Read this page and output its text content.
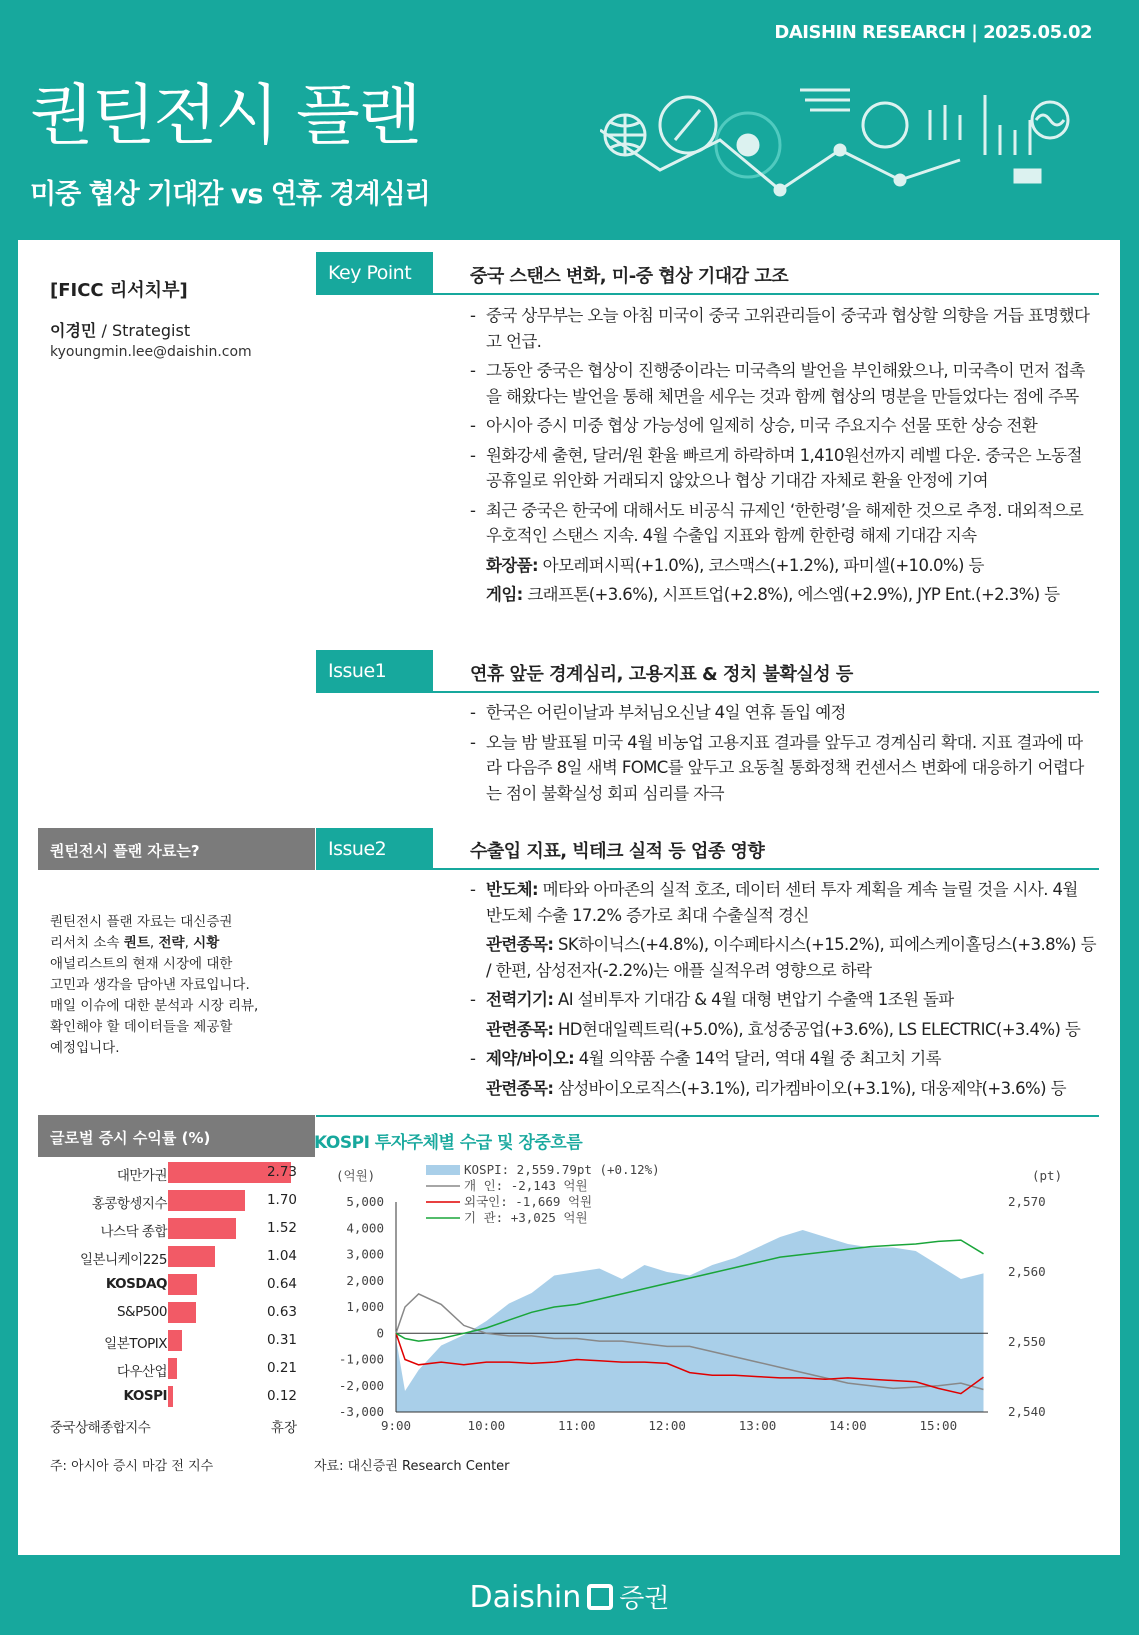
DAISHIN RESEARCH | 2025.05.02
퀀틴전시 플랜
미중 협상 기대감 vs 연휴 경계심리
[FICC 리서치부]
이경민 / Strategist
kyoungmin.lee@daishin.com
퀀틴전시 플랜 자료는?
퀀틴전시 플랜 자료는 대신증권
리서치 소속 퀀트, 전략, 시황
애널리스트의 현재 시장에 대한
고민과 생각을 담아낸 자료입니다.
매일 이슈에 대한 분석과 시장 리뷰,
확인해야 할 데이터들을 제공할
예정입니다.
Key Point	중국 스탠스 변화, 미-중 협상 기대감 고조
- 중국 상무부는 오늘 아침 미국이 중국 고위관리들이 중국과 협상할 의향을 거듭 표명했다고 언급.
- 그동안 중국은 협상이 진행중이라는 미국측의 발언을 부인해왔으나, 미국측이 먼저 접촉을 해왔다는 발언을 통해 체면을 세우는 것과 함께 협상의 명분을 만들었다는 점에 주목
- 아시아 증시 미중 협상 가능성에 일제히 상승, 미국 주요지수 선물 또한 상승 전환
- 원화강세 출현, 달러/원 환율 빠르게 하락하며 1,410원선까지 레벨 다운. 중국은 노동절 공휴일로 위안화 거래되지 않았으나 협상 기대감 자체로 환율 안정에 기여
- 최근 중국은 한국에 대해서도 비공식 규제인 ‘한한령’을 해제한 것으로 추정. 대외적으로 우호적인 스탠스 지속. 4월 수출입 지표와 함께 한한령 해제 기대감 지속
화장품: 아모레퍼시픽(+1.0%), 코스맥스(+1.2%), 파미셀(+10.0%) 등
게임: 크래프톤(+3.6%), 시프트업(+2.8%), 에스엠(+2.9%), JYP Ent.(+2.3%) 등
Issue1	연휴 앞둔 경계심리, 고용지표 & 정치 불확실성 등
- 한국은 어린이날과 부처님오신날 4일 연휴 돌입 예정
- 오늘 밤 발표될 미국 4월 비농업 고용지표 결과를 앞두고 경계심리 확대. 지표 결과에 따라 다음주 8일 새벽 FOMC를 앞두고 요동칠 통화정책 컨센서스 변화에 대응하기 어렵다는 점이 불확실성 회피 심리를 자극
Issue2	수출입 지표, 빅테크 실적 등 업종 영향
- 반도체: 메타와 아마존의 실적 호조, 데이터 센터 투자 계획을 계속 늘릴 것을 시사. 4월 반도체 수출 17.2% 증가로 최대 수출실적 경신
관련종목: SK하이닉스(+4.8%), 이수페타시스(+15.2%), 피에스케이홀딩스(+3.8%) 등 / 한편, 삼성전자(-2.2%)는 애플 실적우려 영향으로 하락
- 전력기기: AI 설비투자 기대감 & 4월 대형 변압기 수출액 1조원 돌파
관련종목: HD현대일렉트릭(+5.0%), 효성중공업(+3.6%), LS ELECTRIC(+3.4%) 등
- 제약/바이오: 4월 의약품 수출 14억 달러, 역대 4월 중 최고치 기록
관련종목: 삼성바이오로직스(+3.1%), 리가켐바이오(+3.1%), 대웅제약(+3.6%) 등
글로벌 증시 수익률 (%)
대만가권	2.73
홍콩항셍지수	1.70
나스닥 종합	1.52
일본니케이225	1.04
KOSDAQ	0.64
S&P500	0.63
일본TOPIX	0.31
다우산업	0.21
KOSPI	0.12
중국상해종합지수	휴장
주: 아시아 증시 마감 전 지수
KOSPI 투자주체별 수급 및 장중흐름
5,000
4,000
3,000
2,000
1,000
0
-1,000
-2,000
-3,000
2,570
2,560
2,550
2,540
9:00	10:00	11:00	12:00	13:00	14:00	15:00
(억원)	(pt)
KOSPI: 2,559.79pt (+0.12%)
개 인: -2,143 억원
외국인: -1,669 억원
기 관: +3,025 억원
자료: 대신증권 Research Center
Daishin 증권
